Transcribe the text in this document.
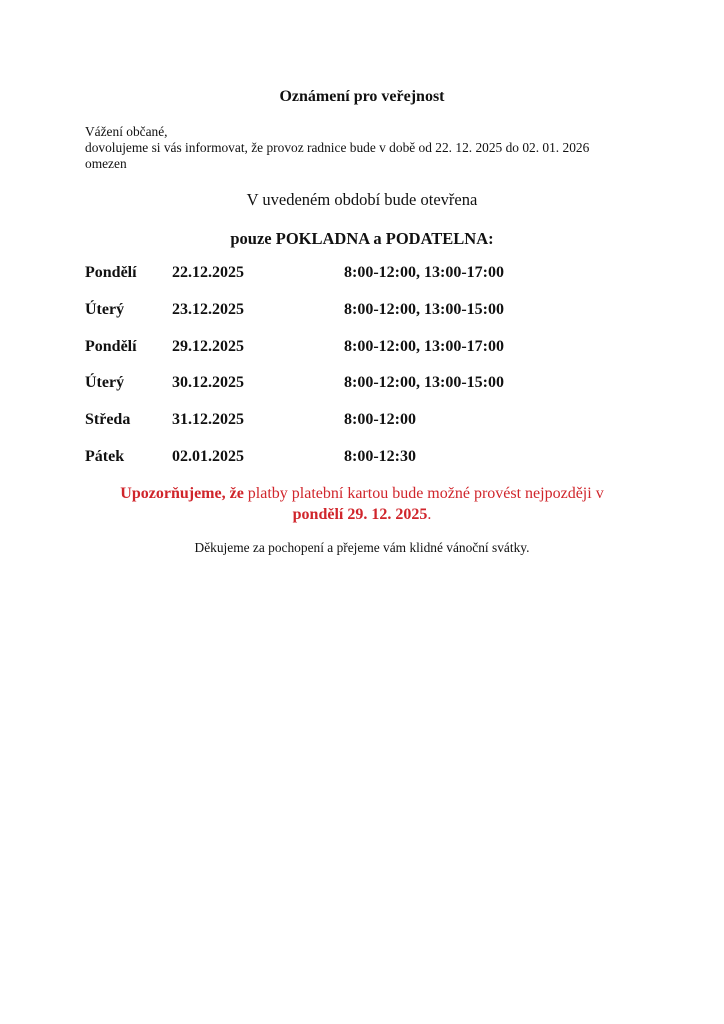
Oznámení pro veřejnost
Vážení občané,
dovolujeme si vás informovat, že provoz radnice bude v době od 22. 12. 2025 do 02. 01. 2026
omezen
V uvedeném období bude otevřena
pouze POKLADNA a PODATELNA:
Pondělí 22.12.2025	8:00-12:00, 13:00-17:00
Úterý	23.12.2025	8:00-12:00, 13:00-15:00
Pondělí 29.12.2025	8:00-12:00, 13:00-17:00
Úterý	30.12.2025	8:00-12:00, 13:00-15:00
Středa	31.12.2025	8:00-12:00
Pátek	02.01.2025	8:00-12:30
Upozorňujeme, že platby platební kartou bude možné provést nejpozději v
pondělí 29. 12. 2025.
Děkujeme za pochopení a přejeme vám klidné vánoční svátky.
